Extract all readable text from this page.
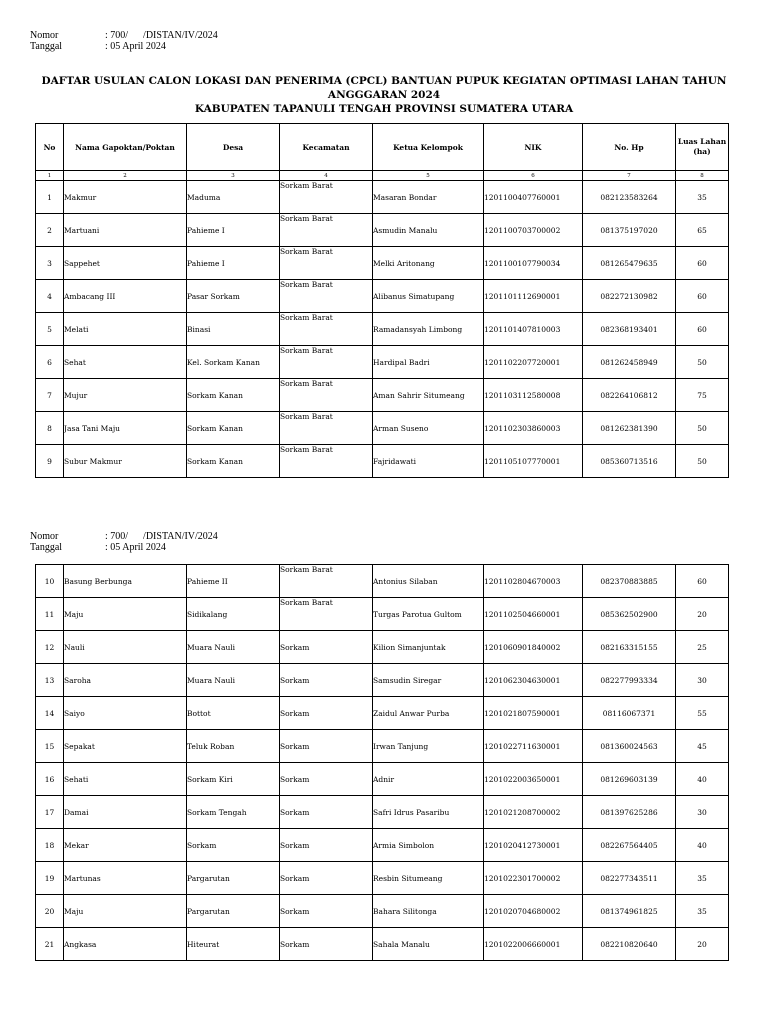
Nomor	: 700/      /DISTAN/IV/2024
Tanggal	: 05 April 2024
DAFTAR USULAN CALON LOKASI DAN PENERIMA (CPCL) BANTUAN PUPUK KEGIATAN OPTIMASI LAHAN TAHUN ANGGGARAN 2024
KABUPATEN TAPANULI TENGAH PROVINSI SUMATERA UTARA
No	Nama Gapoktan/Poktan	Desa	Kecamatan	Ketua Kelompok	NIK	No. Hp	Luas Lahan (ha)
1	2	3	4	5	6	7	8
1	Makmur	Maduma	Sorkam Barat	Masaran Bondar	1201100407760001	082123583264	35
2	Martuani	Pahieme I	Sorkam Barat	Asmudin Manalu	1201100703700002	081375197020	65
3	Sappehet	Pahieme I	Sorkam Barat	Melki Aritonang	1201100107790034	081265479635	60
4	Ambacang III	Pasar Sorkam	Sorkam Barat	Alibanus Simatupang	1201101112690001	082272130982	60
5	Melati	Binasi	Sorkam Barat	Ramadansyah Limbong	1201101407810003	082368193401	60
6	Sehat	Kel. Sorkam Kanan	Sorkam Barat	Hardipal Badri	1201102207720001	081262458949	50
7	Mujur	Sorkam Kanan	Sorkam Barat	Aman Sahrir Situmeang	1201103112580008	082264106812	75
8	Jasa Tani Maju	Sorkam Kanan	Sorkam Barat	Arman Suseno	1201102303860003	081262381390	50
9	Subur Makmur	Sorkam Kanan	Sorkam Barat	Fajridawati	1201105107770001	085360713516	50
Nomor	: 700/      /DISTAN/IV/2024
Tanggal	: 05 April 2024
10	Basung Berbunga	Pahieme II	Sorkam Barat	Antonius Silaban	1201102804670003	082370883885	60
11	Maju	Sidikalang	Sorkam Barat	Turgas Parotua Gultom	1201102504660001	085362502900	20
12	Nauli	Muara Nauli	Sorkam	Kilion Simanjuntak	1201060901840002	082163315155	25
13	Saroha	Muara Nauli	Sorkam	Samsudin Siregar	1201062304630001	082277993334	30
14	Saiyo	Bottot	Sorkam	Zaidul Anwar Purba	1201021807590001	08116067371	55
15	Sepakat	Teluk Roban	Sorkam	Irwan Tanjung	1201022711630001	081360024563	45
16	Sehati	Sorkam Kiri	Sorkam	Adnir	1201022003650001	081269603139	40
17	Damai	Sorkam Tengah	Sorkam	Safri Idrus Pasaribu	1201021208700002	081397625286	30
18	Mekar	Sorkam	Sorkam	Armia Simbolon	1201020412730001	082267564405	40
19	Martunas	Pargarutan	Sorkam	Resbin Situmeang	1201022301700002	082277343511	35
20	Maju	Pargarutan	Sorkam	Bahara Silitonga	1201020704680002	081374961825	35
21	Angkasa	Hiteurat	Sorkam	Sahala Manalu	1201022006660001	082210820640	20
